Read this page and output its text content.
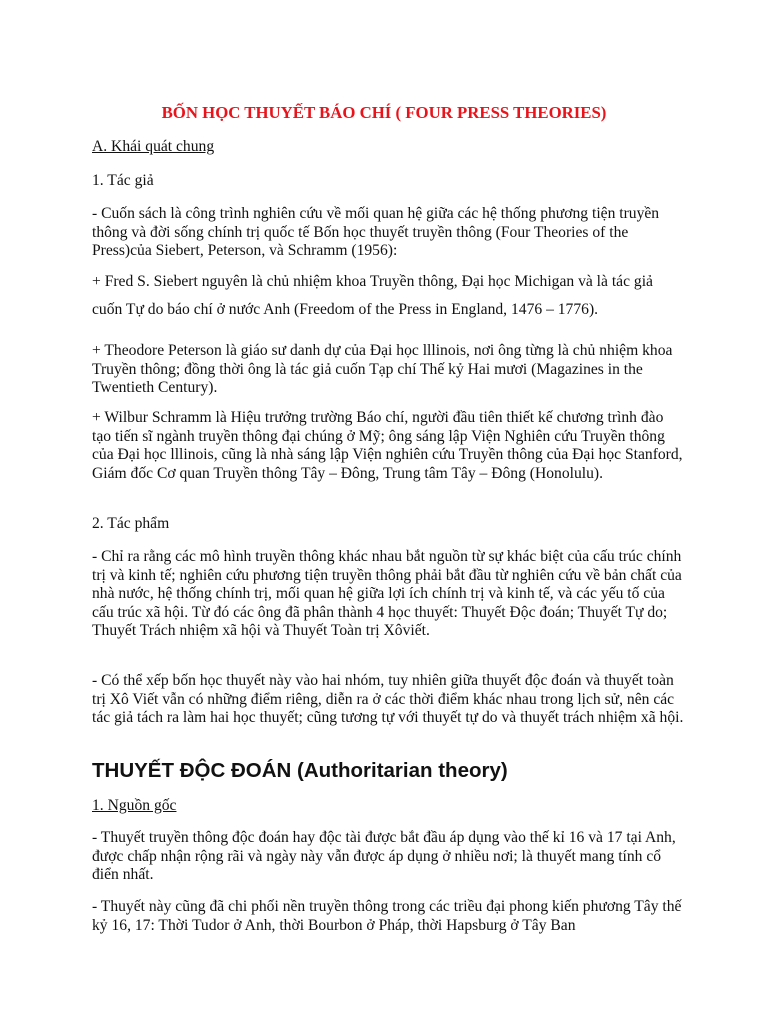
BỐN HỌC THUYẾT BÁO CHÍ ( FOUR PRESS THEORIES)

A. Khái quát chung

1. Tác giả

- Cuốn sách là công trình nghiên cứu về mối quan hệ giữa các hệ thống phương tiện truyền thông và đời sống chính trị quốc tế Bốn học thuyết truyền thông (Four Theories of the Press)của Siebert, Peterson, và Schramm (1956):

+ Fred S. Siebert nguyên là chủ nhiệm khoa Truyền thông, Đại học Michigan và là tác giả cuốn Tự do báo chí ở nước Anh (Freedom of the Press in England, 1476 – 1776).

+ Theodore Peterson là giáo sư danh dự của Đại học lllinois, nơi ông từng là chủ nhiệm khoa Truyền thông; đồng thời ông là tác giả cuốn Tạp chí Thế kỷ Hai mươi (Magazines in the Twentieth Century).

+ Wilbur Schramm là Hiệu trưởng trường Báo chí, người đầu tiên thiết kế chương trình đào tạo tiến sĩ ngành truyền thông đại chúng ở Mỹ; ông sáng lập Viện Nghiên cứu Truyền thông của Đại học lllinois, cũng là nhà sáng lập Viện nghiên cứu Truyền thông của Đại học Stanford, Giám đốc Cơ quan Truyền thông Tây – Đông, Trung tâm Tây – Đông (Honolulu).

2. Tác phẩm

- Chỉ ra rằng các mô hình truyền thông khác nhau bắt nguồn từ sự khác biệt của cấu trúc chính trị và kinh tế; nghiên cứu phương tiện truyền thông phải bắt đầu từ nghiên cứu về bản chất của nhà nước, hệ thống chính trị, mối quan hệ giữa lợi ích chính trị và kinh tế, và các yếu tố của cấu trúc xã hội. Từ đó các ông đã phân thành 4 học thuyết: Thuyết Độc đoán; Thuyết Tự do; Thuyết Trách nhiệm xã hội và Thuyết Toàn trị Xôviết.

- Có thể xếp bốn học thuyết này vào hai nhóm, tuy nhiên giữa thuyết độc đoán và thuyết toàn trị Xô Viết vẫn có những điểm riêng, diễn ra ở các thời điểm khác nhau trong lịch sử, nên các tác giả tách ra làm hai học thuyết; cũng tương tự với thuyết tự do và thuyết trách nhiệm xã hội.

THUYẾT ĐỘC ĐOÁN (Authoritarian theory)

1. Nguồn gốc

- Thuyết truyền thông độc đoán hay độc tài được bắt đầu áp dụng vào thế kỉ 16 và 17 tại Anh, được chấp nhận rộng rãi và ngày này vẫn được áp dụng ở nhiều nơi; là thuyết mang tính cổ điển nhất.

- Thuyết này cũng đã chi phối nền truyền thông trong các triều đại phong kiến phương Tây thế kỷ 16, 17: Thời Tudor ở Anh, thời Bourbon ở Pháp, thời Hapsburg ở Tây Ban
